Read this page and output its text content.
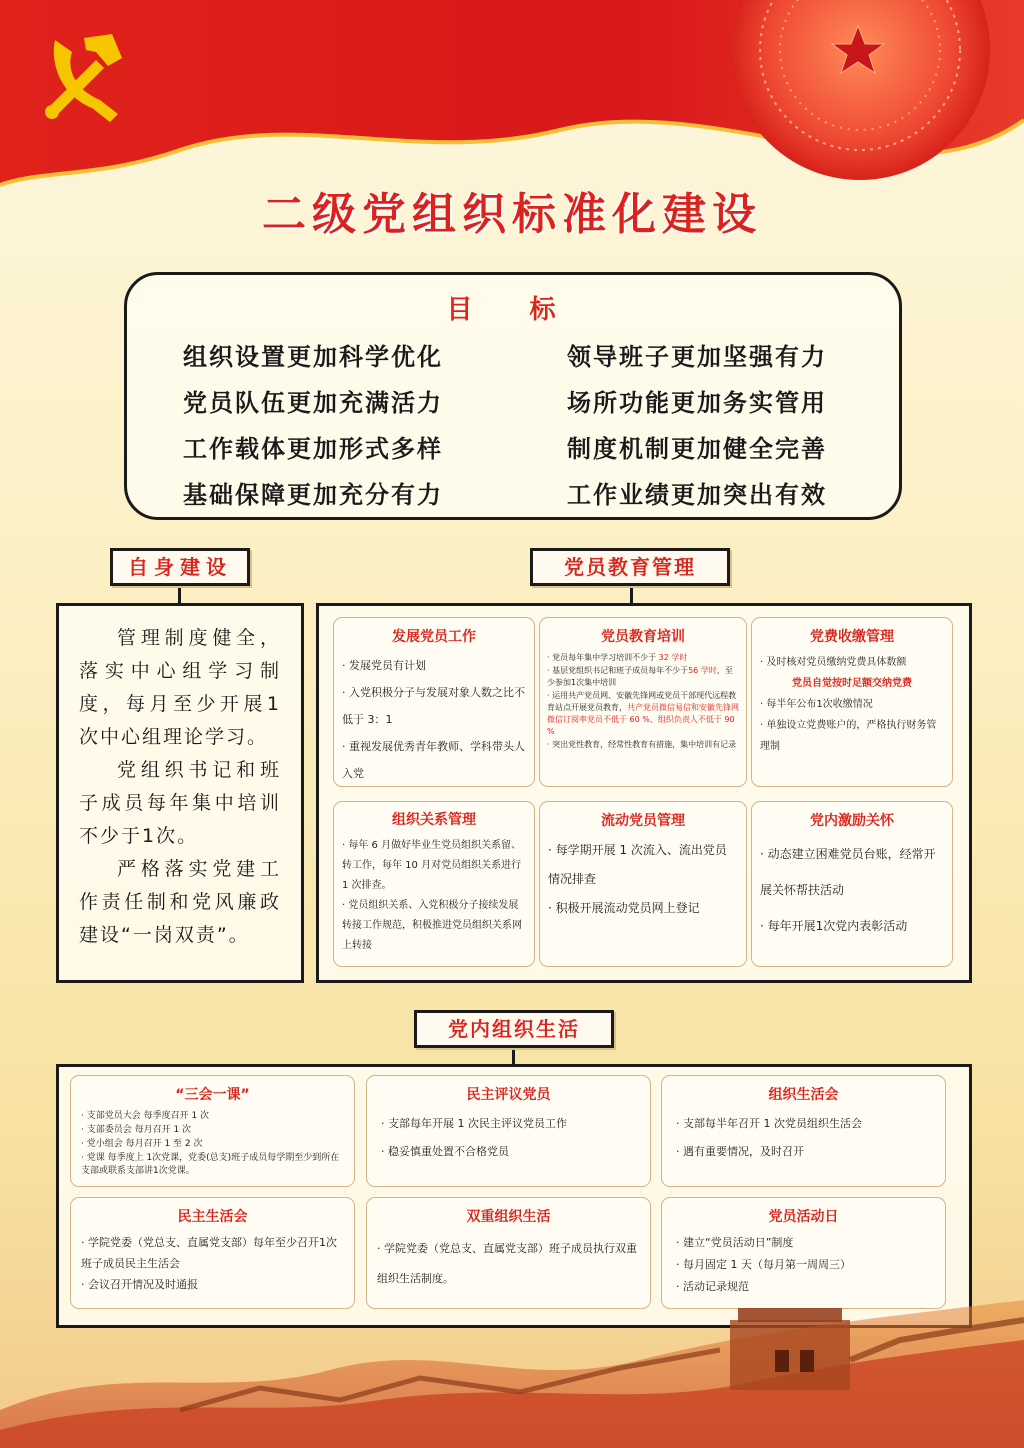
二级党组织标准化建设
目 标
组织设置更加科学优化
党员队伍更加充满活力
工作载体更加形式多样
基础保障更加充分有力
领导班子更加坚强有力
场所功能更加务实管用
制度机制更加健全完善
工作业绩更加突出有效
自身建设

管理制度健全，落实中心组学习制度，每月至少开展1次中心组理论学习。

党组织书记和班子成员每年集中培训不少于1次。

严格落实党建工作责任制和党风廉政建设“一岗双责”。

党员教育管理
发展党员工作
· 发展党员有计划
· 入党积极分子与发展对象人数之比不低于 3：1
· 重视发展优秀青年教师、学科带头人入党
党员教育培训
· 党员每年集中学习培训不少于 32 学时
· 基层党组织书记和班子成员每年不少于56 学时，至少参加1次集中培训
· 运用共产党员网、安徽先锋网或党员干部现代远程教育站点开展党员教育，共产党员微信易信和安徽先锋网微信订阅率党员不低于 60 %、组织负责人不低于 90 %
· 突出党性教育，经常性教育有措施，集中培训有记录
党费收缴管理
· 及时核对党员缴纳党费具体数额
党员自觉按时足额交纳党费
· 每半年公布1次收缴情况
· 单独设立党费账户的，严格执行财务管理制
组织关系管理
· 每年 6 月做好毕业生党员组织关系留、转工作，每年 10 月对党员组织关系进行 1 次排查。
· 党员组织关系、入党积极分子接续发展转接工作规范，积极推进党员组织关系网上转接
流动党员管理
· 每学期开展 1 次流入、流出党员情况排查
· 积极开展流动党员网上登记
党内激励关怀
· 动态建立困难党员台账，经常开展关怀帮扶活动
· 每年开展1次党内表彰活动
党内组织生活
“三会一课”
· 支部党员大会 每季度召开 1 次
· 支部委员会 每月召开 1 次
· 党小组会 每月召开 1 至 2 次
· 党课 每季度上 1次党课，党委(总支)班子成员每学期至少到所在支部或联系支部讲1次党课。
民主评议党员
· 支部每年开展 1 次民主评议党员工作
· 稳妥慎重处置不合格党员
组织生活会
· 支部每半年召开 1 次党员组织生活会
· 遇有重要情况，及时召开
民主生活会
· 学院党委（党总支、直属党支部）每年至少召开1次班子成员民主生活会
· 会议召开情况及时通报
双重组织生活
· 学院党委（党总支、直属党支部）班子成员执行双重组织生活制度。
党员活动日
· 建立“党员活动日”制度
· 每月固定 1 天（每月第一周周三）
· 活动记录规范
